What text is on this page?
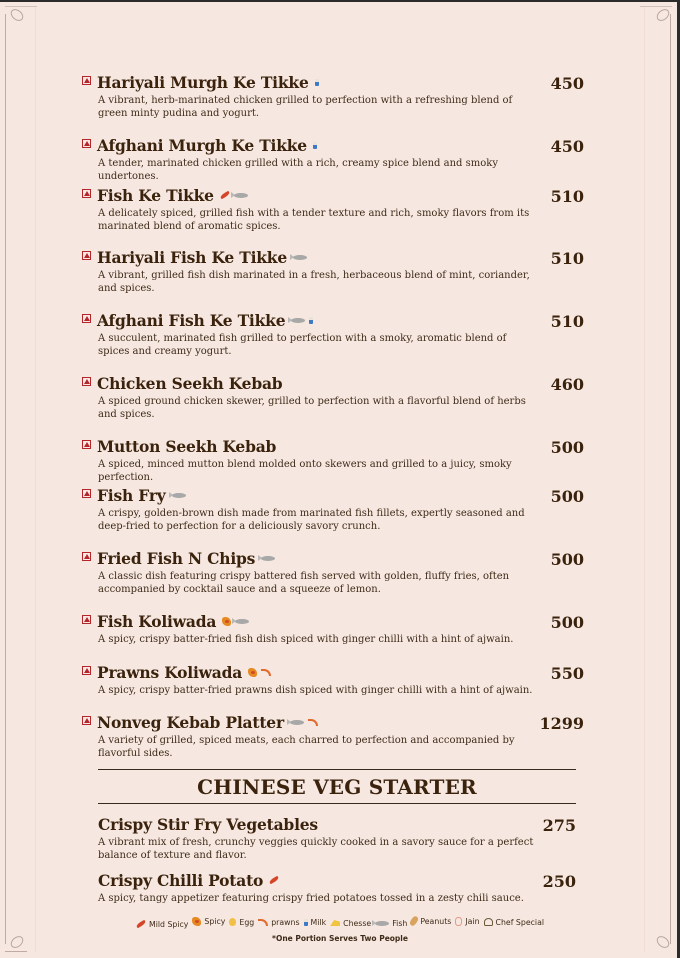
Hariyali Murgh Ke Tikke	450
A vibrant, herb-marinated chicken grilled to perfection with a refreshing blend of green minty pudina and yogurt.
Afghani Murgh Ke Tikke	450
A tender, marinated chicken grilled with a rich, creamy spice blend and smoky undertones.
Fish Ke Tikke	510
A delicately spiced, grilled fish with a tender texture and rich, smoky flavors from its marinated blend of aromatic spices.
Hariyali Fish Ke Tikke	510
A vibrant, grilled fish dish marinated in a fresh, herbaceous blend of mint, coriander, and spices.
Afghani Fish Ke Tikke	510
A succulent, marinated fish grilled to perfection with a smoky, aromatic blend of spices and creamy yogurt.
Chicken Seekh Kebab	460
A spiced ground chicken skewer, grilled to perfection with a flavorful blend of herbs and spices.
Mutton Seekh Kebab	500
A spiced, minced mutton blend molded onto skewers and grilled to a juicy, smoky perfection.
Fish Fry	500
A crispy, golden-brown dish made from marinated fish fillets, expertly seasoned and deep-fried to perfection for a deliciously savory crunch.
Fried Fish N Chips	500
A classic dish featuring crispy battered fish served with golden, fluffy fries, often accompanied by cocktail sauce and a squeeze of lemon.
Fish Koliwada	500
A spicy, crispy batter-fried fish dish spiced with ginger chilli with a hint of ajwain.
Prawns Koliwada	550
A spicy, crispy batter-fried prawns dish spiced with ginger chilli with a hint of ajwain.
Nonveg Kebab Platter	1299
A variety of grilled, spiced meats, each charred to perfection and accompanied by flavorful sides.
CHINESE VEG STARTER
Crispy Stir Fry Vegetables	275
A vibrant mix of fresh, crunchy veggies quickly cooked in a savory sauce for a perfect balance of texture and flavor.
Crispy Chilli Potato	250
A spicy, tangy appetizer featuring crispy fried potatoes tossed in a zesty chili sauce.
Mild Spicy Spicy Egg prawns Milk Chesse	Fish Peanuts Jain Chef Special
*One Portion Serves Two People
